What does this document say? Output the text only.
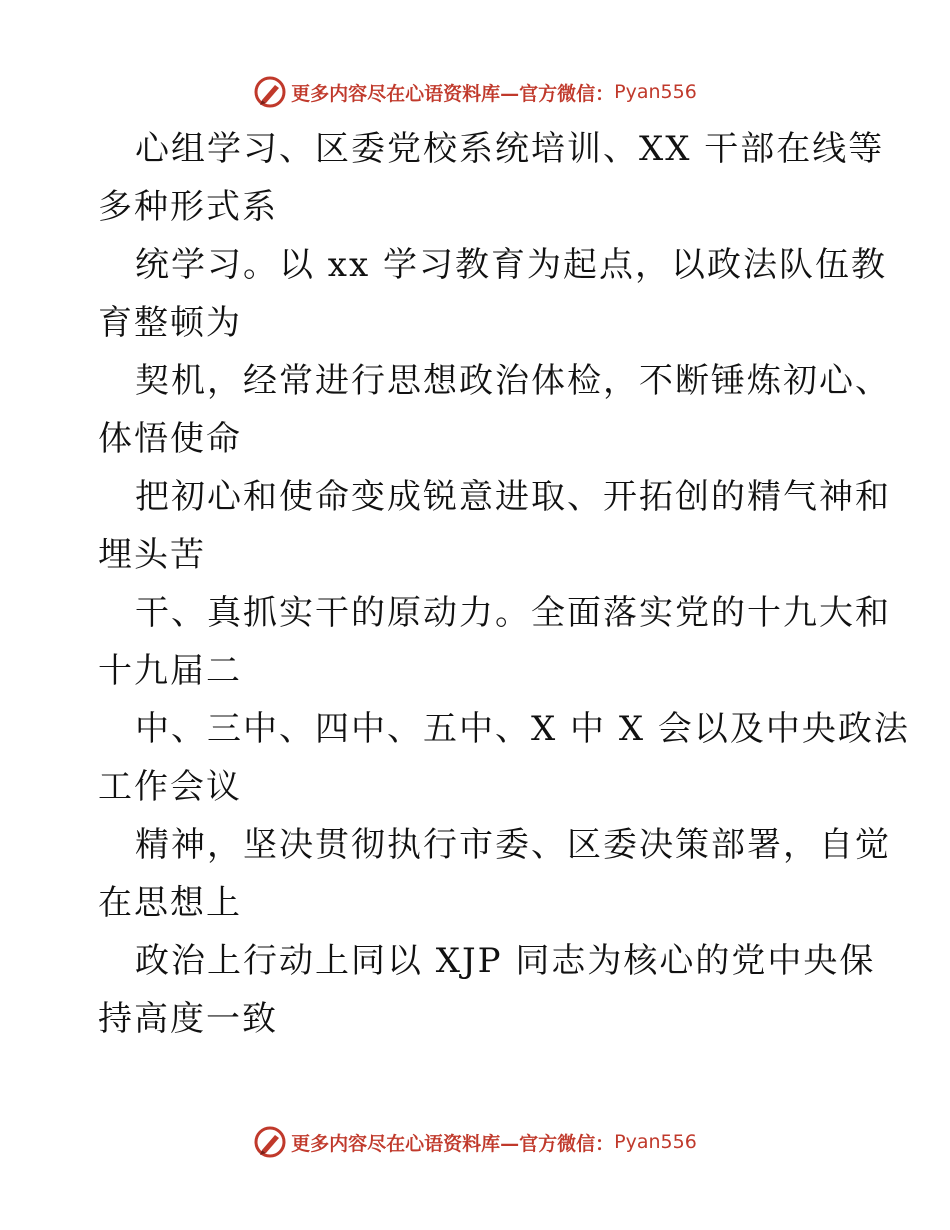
更多内容尽在心语资料库—官方微信： Pyan556
心组学习、区委党校系统培训、XX 干部在线等
多种形式系
统学习。以 xx 学习教育为起点，以政法队伍教
育整顿为
契机，经常进行思想政治体检，不断锤炼初心、
体悟使命
把初心和使命变成锐意进取、开拓创的精气神和
埋头苦
干、真抓实干的原动力。全面落实党的十九大和
十九届二
中、三中、四中、五中、X 中 X 会以及中央政法
工作会议
精神，坚决贯彻执行市委、区委决策部署，自觉
在思想上
政治上行动上同以 XJP 同志为核心的党中央保
持高度一致
更多内容尽在心语资料库—官方微信： Pyan556
